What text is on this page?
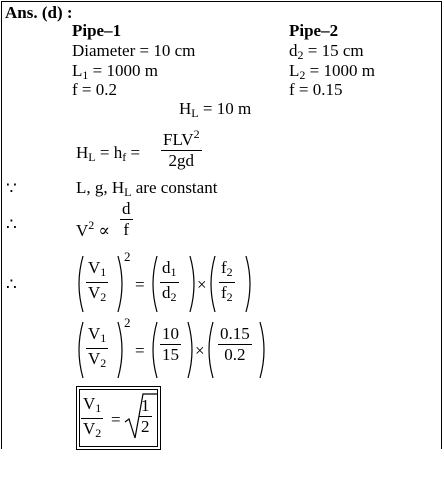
Ans. (d) :
Pipe–1
Diameter = 10 cm
$L_1 = 1000$ m
f = 0.2
Pipe–2
$d_2 = 15$ cm
$L_2 = 1000$ m
f = 0.15
$H_L = 10$ m
$H_L = h_f$ =
$FLV^2$
2gd
∵	L, g, $H_L$ are constant
∴	$V^2$ ∝
d
f
∴
$V_1$
$V_2$
2
=
$d_1$
$d_2$
×
$f_2$
$f_2$
$V_1$
$V_2$
2
=
10
15 ×
0.15
0.2
$V_1$
$V_2$
=
1
2
